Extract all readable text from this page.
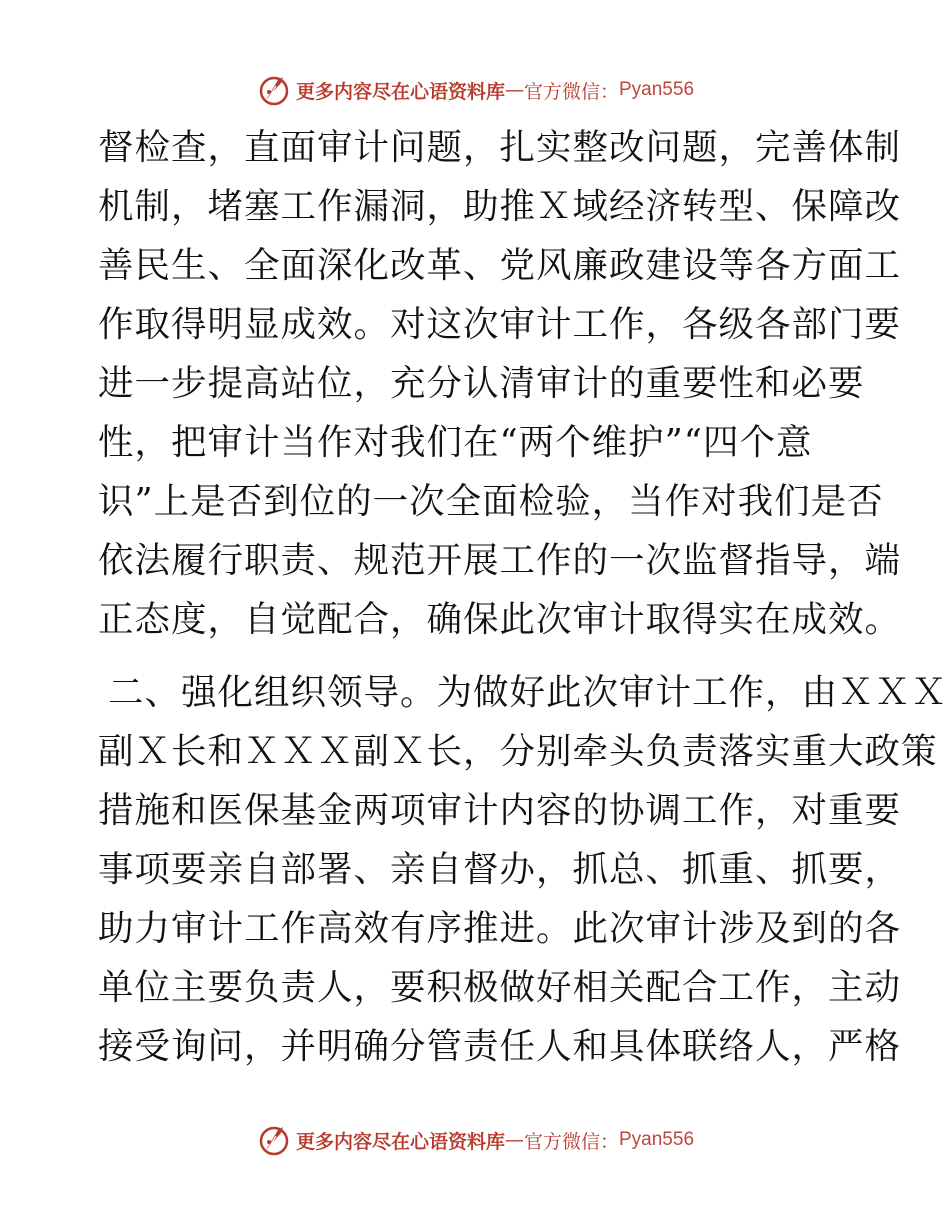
更多内容尽在心语资料库 — 官方微信： Pyan556
督检查，直面审计问题，扎实整改问题，完善体制
机制，堵塞工作漏洞，助推Ｘ域经济转型、保障改
善民生、全面深化改革、党风廉政建设等各方面工
作取得明显成效。对这次审计工作，各级各部门要
进一步提高站位，充分认清审计的重要性和必要
性，把审计当作对我们在“两个维护”“四个意
识”上是否到位的一次全面检验，当作对我们是否
依法履行职责、规范开展工作的一次监督指导，端
正态度，自觉配合，确保此次审计取得实在成效。
二、强化组织领导。为做好此次审计工作，由ＸＸＸ
副Ｘ长和ＸＸＸ副Ｘ长，分别牵头负责落实重大政策
措施和医保基金两项审计内容的协调工作，对重要
事项要亲自部署、亲自督办，抓总、抓重、抓要，
助力审计工作高效有序推进。此次审计涉及到的各
单位主要负责人，要积极做好相关配合工作，主动
接受询问，并明确分管责任人和具体联络人，严格
更多内容尽在心语资料库 — 官方微信： Pyan556
